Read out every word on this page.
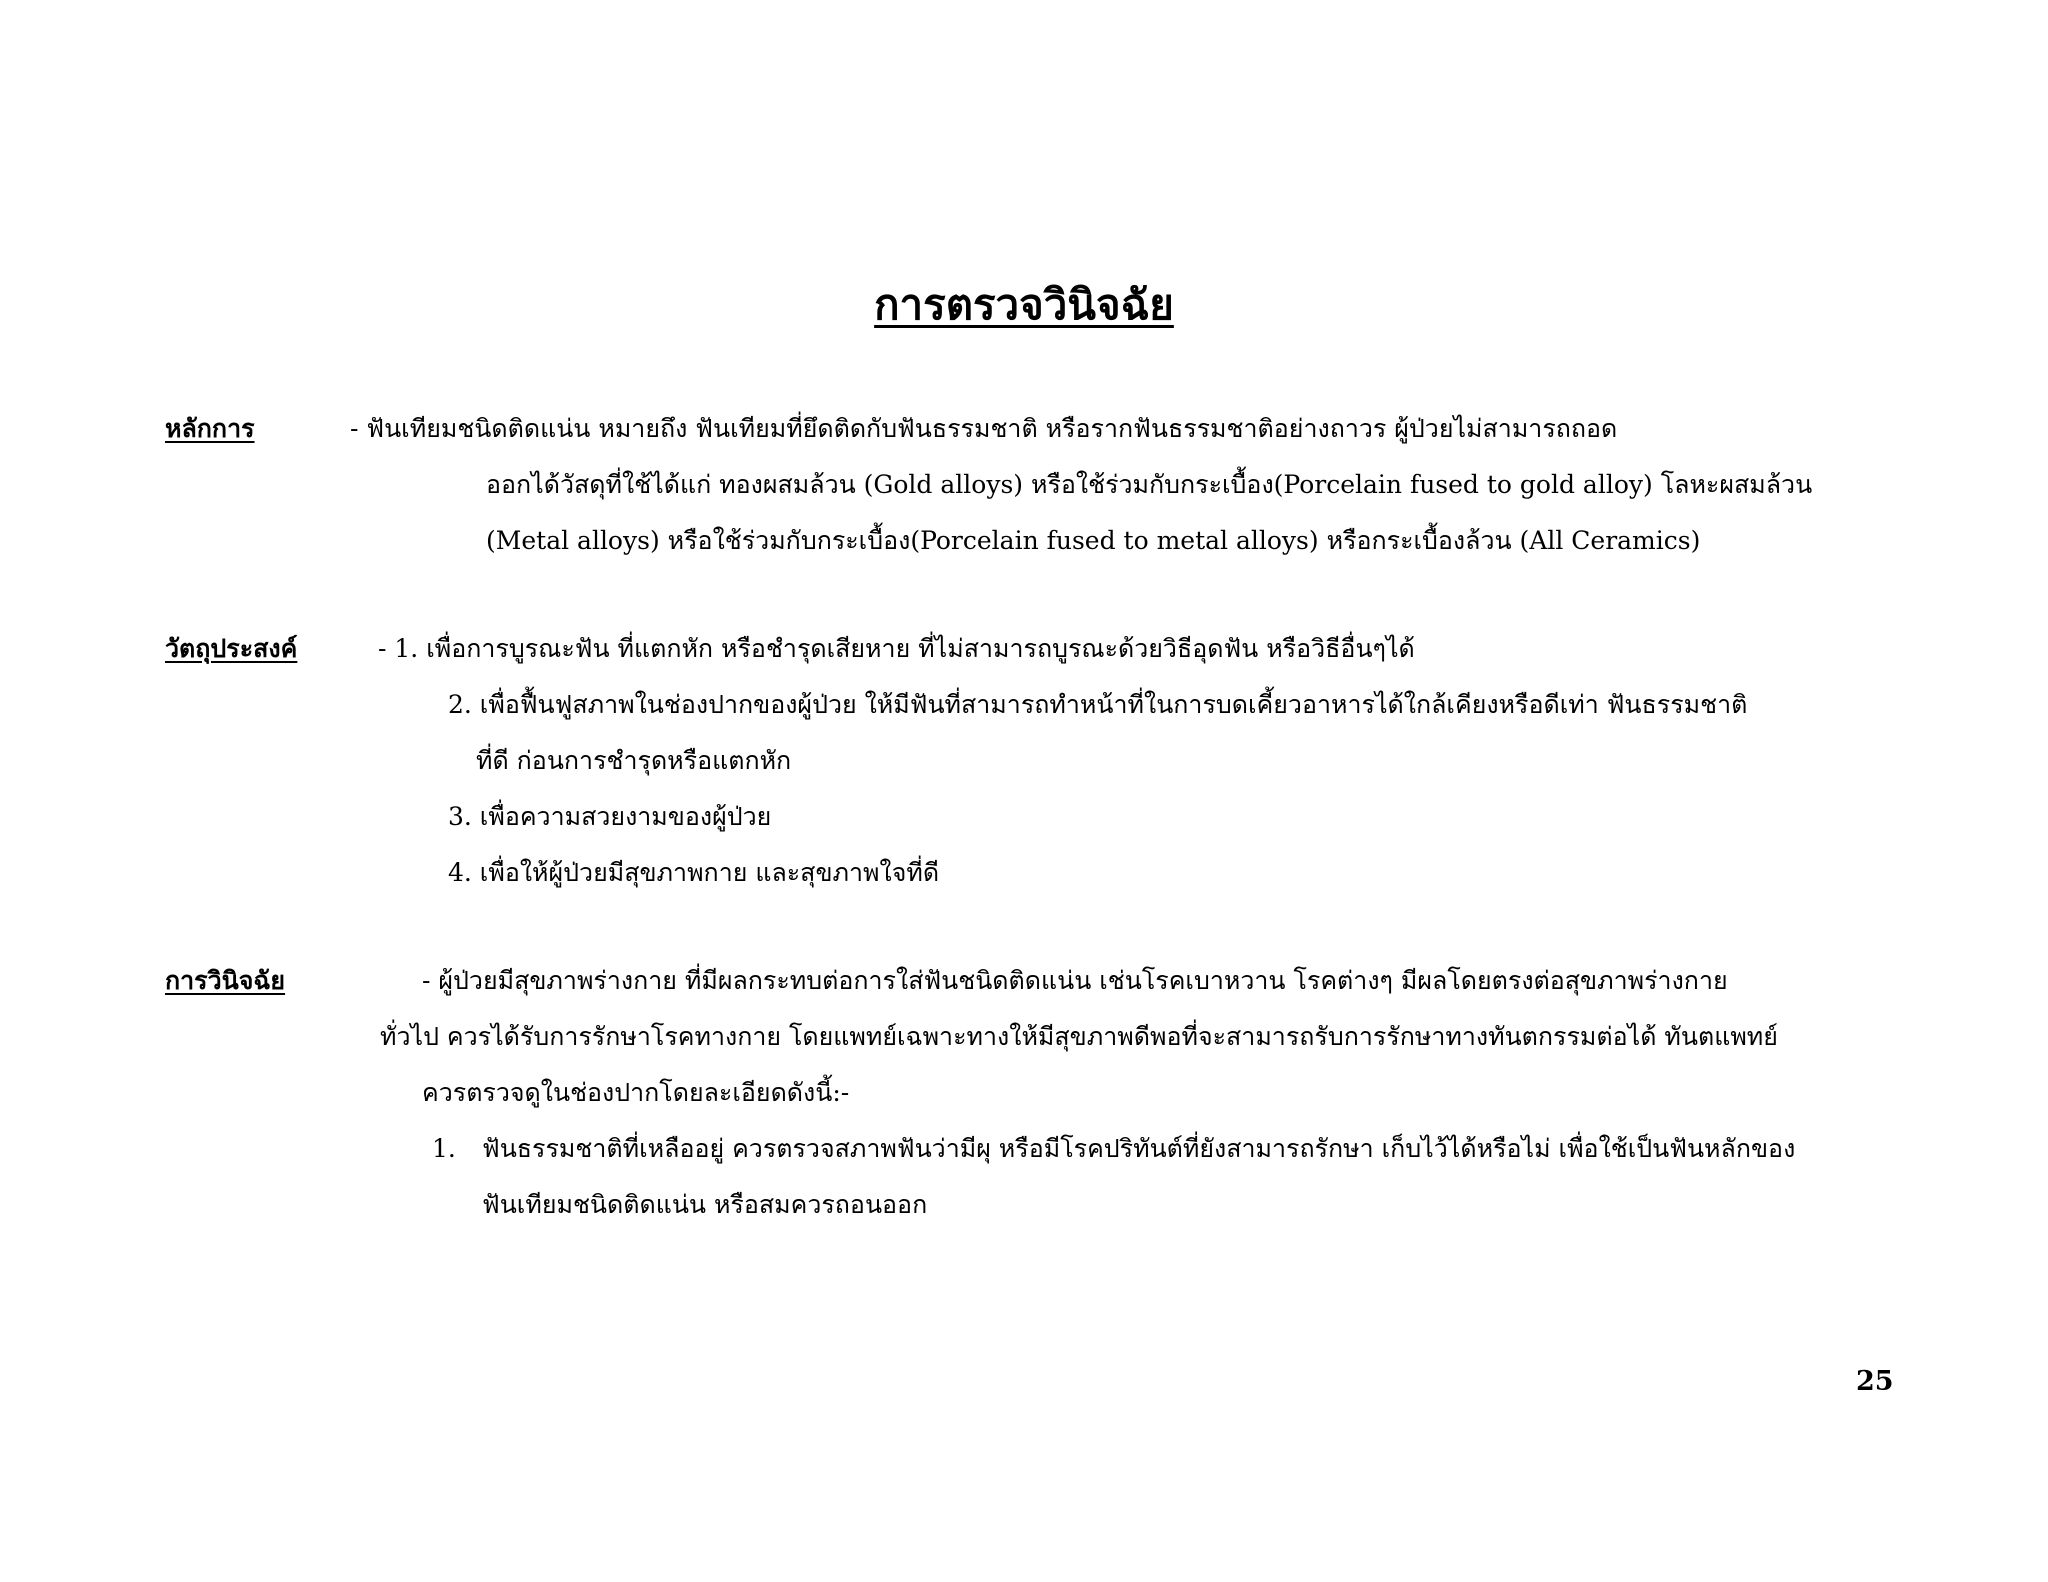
การตรวจวินิจฉัย
หลักการ	- ฟันเทียมชนิดติดแน่น หมายถึง ฟันเทียมที่ยึดติดกับฟันธรรมชาติ หรือรากฟันธรรมชาติอย่างถาวร ผู้ป่วยไม่สามารถถอด
ออกได้วัสดุที่ใช้ได้แก่ ทองผสมล้วน (Gold alloys) หรือใช้ร่วมกับกระเบื้อง(Porcelain fused to gold alloy) โลหะผสมล้วน
(Metal alloys) หรือใช้ร่วมกับกระเบื้อง(Porcelain fused to metal alloys) หรือกระเบื้องล้วน (All Ceramics)
วัตถุประสงค์	- 1. เพื่อการบูรณะฟัน ที่แตกหัก หรือชำรุดเสียหาย ที่ไม่สามารถบูรณะด้วยวิธีอุดฟัน หรือวิธีอื่นๆได้
2. เพื่อฟื้นฟูสภาพในช่องปากของผู้ป่วย ให้มีฟันที่สามารถทำหน้าที่ในการบดเคี้ยวอาหารได้ใกล้เคียงหรือดีเท่า ฟันธรรมชาติ
ที่ดี ก่อนการชำรุดหรือแตกหัก
3. เพื่อความสวยงามของผู้ป่วย
4. เพื่อให้ผู้ป่วยมีสุขภาพกาย และสุขภาพใจที่ดี
การวินิจฉัย	- ผู้ป่วยมีสุขภาพร่างกาย ที่มีผลกระทบต่อการใส่ฟันชนิดติดแน่น เช่นโรคเบาหวาน โรคต่างๆ มีผลโดยตรงต่อสุขภาพร่างกาย
ทั่วไป ควรได้รับการรักษาโรคทางกาย โดยแพทย์เฉพาะทางให้มีสุขภาพดีพอที่จะสามารถรับการรักษาทางทันตกรรมต่อได้ ทันตแพทย์
ควรตรวจดูในช่องปากโดยละเอียดดังนี้:-
1. ฟันธรรมชาติที่เหลืออยู่ ควรตรวจสภาพฟันว่ามีผุ หรือมีโรคปริทันต์ที่ยังสามารถรักษา เก็บไว้ได้หรือไม่ เพื่อใช้เป็นฟันหลักของ
ฟันเทียมชนิดติดแน่น หรือสมควรถอนออก
25
